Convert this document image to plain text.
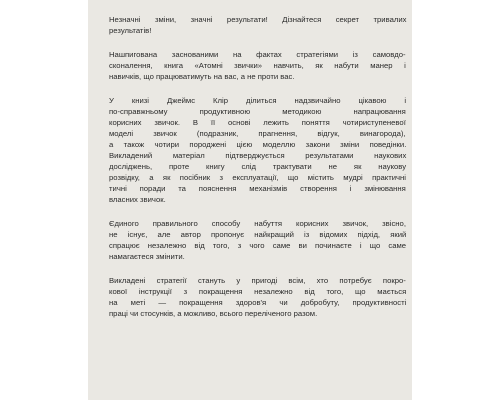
Незначні зміни, значні результати! Дізнайтеся секрет тривалих
результатів!
Нашпигована заснованими на фактах стратегіями із самовдо-
сконалення, книга «Атомні звички» навчить, як набути манер і
навичків, що працюватимуть на вас, а не проти вас.
У книзі Джеймс Клір ділиться надзвичайно цікавою і
по-справжньому продуктивною методикою напрацювання
корисних звичок. В її основі лежить поняття чотириступеневої
моделі звичок (подразник, прагнення, відгук, винагорода),
а також чотири породжені цією моделлю закони зміни поведінки.
Викладений матеріал підтверджується результатами наукових
досліджень, проте книгу слід трактувати не як наукову
розвідку, а як посібник з експлуатації, що містить мудрі практичні
тичні поради та пояснення механізмів створення і змінювання
власних звичок.
Єдиного правильного способу набуття корисних звичок, звісно,
не існує, але автор пропонує найкращий із відомих підхід, який
спрацює незалежно від того, з чого саме ви починаєте і що саме
намагаєтеся змінити.
Викладені стратегії стануть у пригоді всім, хто потребує покро-
кової інструкції з покращення незалежно від того, що мається
на меті — покращення здоров'я чи добробуту, продуктивності
праці чи стосунків, а можливо, всього переліченого разом.
